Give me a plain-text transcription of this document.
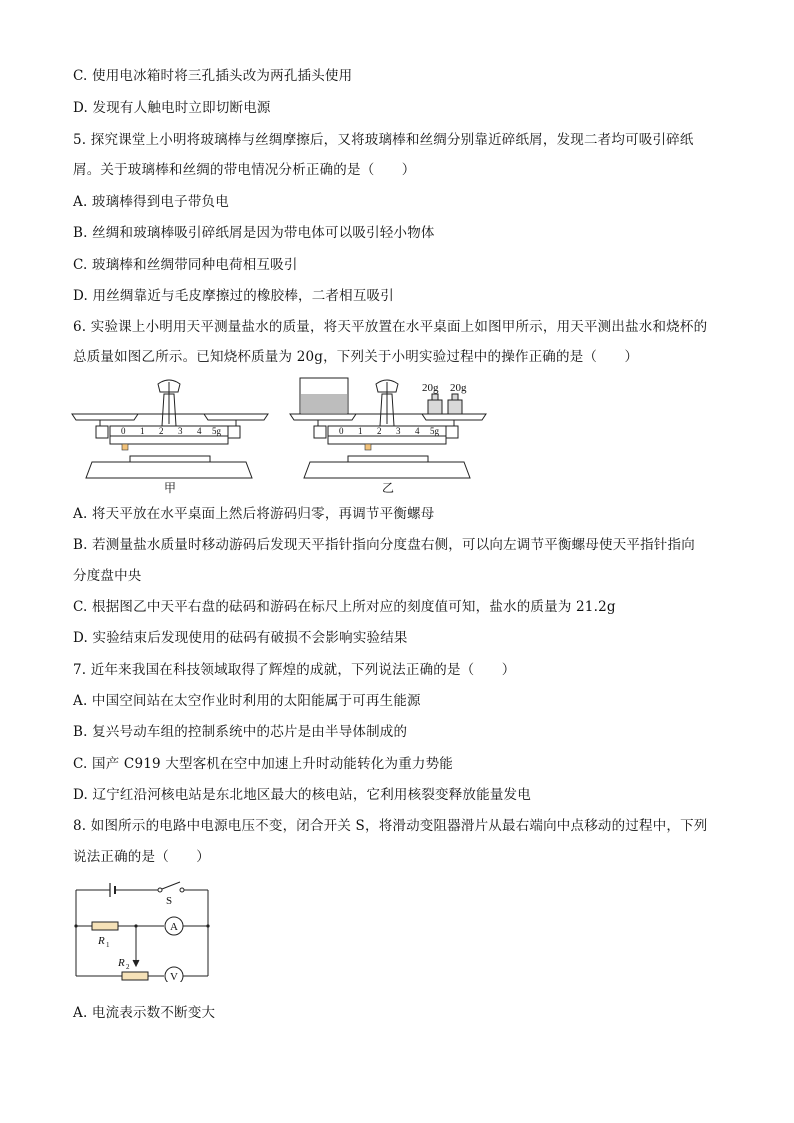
C. 使用电冰箱时将三孔插头改为两孔插头使用
D. 发现有人触电时立即切断电源
5. 探究课堂上小明将玻璃棒与丝绸摩擦后，又将玻璃棒和丝绸分别靠近碎纸屑，发现二者均可吸引碎纸
屑。关于玻璃棒和丝绸的带电情况分析正确的是（　　）
A. 玻璃棒得到电子带负电
B. 丝绸和玻璃棒吸引碎纸屑是因为带电体可以吸引轻小物体
C. 玻璃棒和丝绸带同种电荷相互吸引
D. 用丝绸靠近与毛皮摩擦过的橡胶棒，二者相互吸引
6. 实验课上小明用天平测量盐水的质量，将天平放置在水平桌面上如图甲所示，用天平测出盐水和烧杯的
总质量如图乙所示。已知烧杯质量为 20g，下列关于小明实验过程中的操作正确的是（　　）
0 1 2 3 4 5g
甲
0 1 2 3 4 5g
20g 20g
乙
A. 将天平放在水平桌面上然后将游码归零，再调节平衡螺母
B. 若测量盐水质量时移动游码后发现天平指针指向分度盘右侧，可以向左调节平衡螺母使天平指针指向
分度盘中央
C. 根据图乙中天平右盘的砝码和游码在标尺上所对应的刻度值可知，盐水的质量为 21.2g
D. 实验结束后发现使用的砝码有破损不会影响实验结果
7. 近年来我国在科技领域取得了辉煌的成就，下列说法正确的是（　　）
A. 中国空间站在太空作业时利用的太阳能属于可再生能源
B. 复兴号动车组的控制系统中的芯片是由半导体制成的
C. 国产 C919 大型客机在空中加速上升时动能转化为重力势能
D. 辽宁红沿河核电站是东北地区最大的核电站，它利用核裂变释放能量发电
8. 如图所示的电路中电源电压不变，闭合开关 S，将滑动变阻器滑片从最右端向中点移动的过程中，下列
说法正确的是（　　）
S
A
V
R 1
R 2
A. 电流表示数不断变大
